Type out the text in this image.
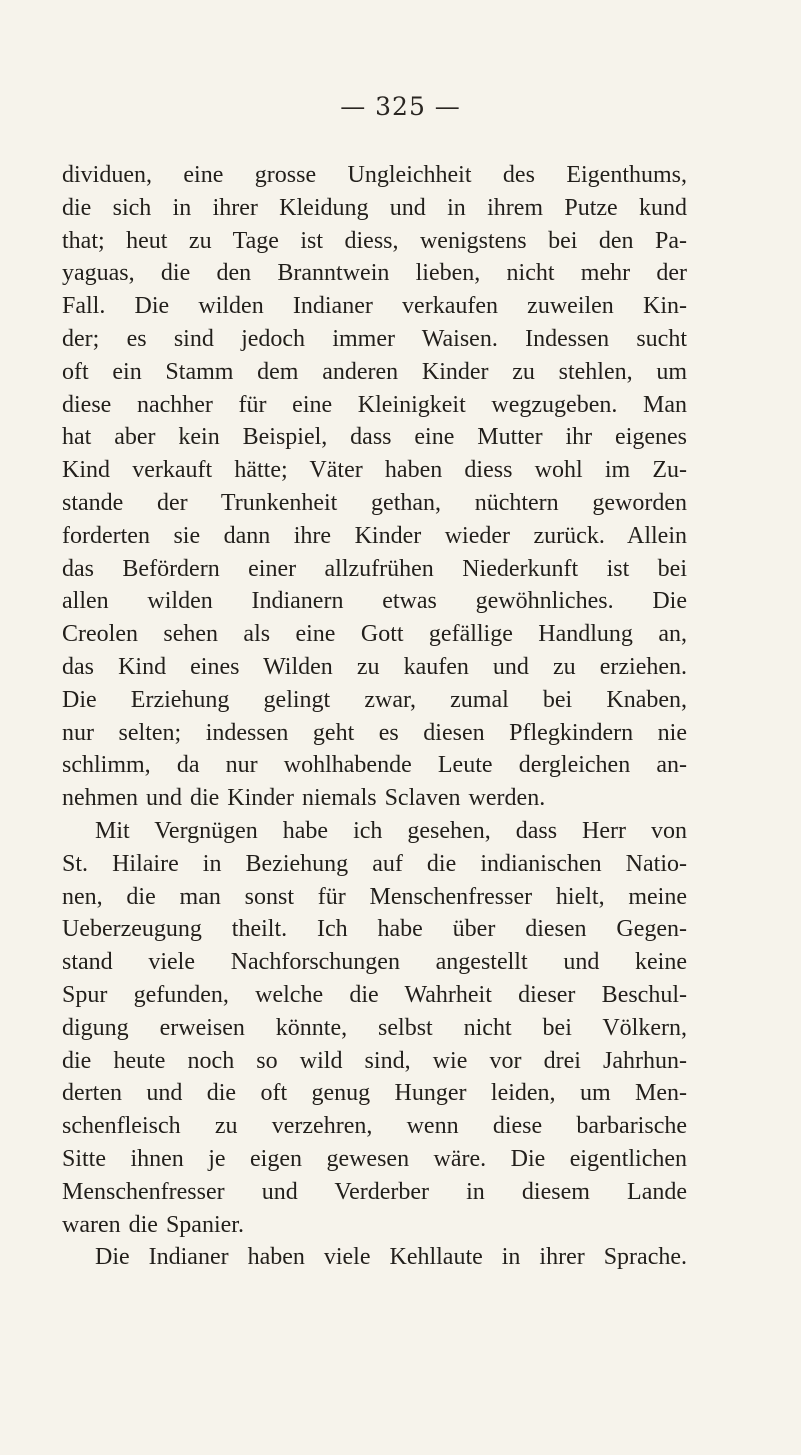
— 325 —
dividuen, eine grosse Ungleichheit des Eigenthums,
die sich in ihrer Kleidung und in ihrem Putze kund
that; heut zu Tage ist diess, wenigstens bei den Pa-
yaguas, die den Branntwein lieben, nicht mehr der
Fall. Die wilden Indianer verkaufen zuweilen Kin-
der; es sind jedoch immer Waisen. Indessen sucht
oft ein Stamm dem anderen Kinder zu stehlen, um
diese nachher für eine Kleinigkeit wegzugeben. Man
hat aber kein Beispiel, dass eine Mutter ihr eigenes
Kind verkauft hätte; Väter haben diess wohl im Zu-
stande der Trunkenheit gethan, nüchtern geworden
forderten sie dann ihre Kinder wieder zurück. Allein
das Befördern einer allzufrühen Niederkunft ist bei
allen wilden Indianern etwas gewöhnliches. Die
Creolen sehen als eine Gott gefällige Handlung an,
das Kind eines Wilden zu kaufen und zu erziehen.
Die Erziehung gelingt zwar, zumal bei Knaben,
nur selten; indessen geht es diesen Pflegkindern nie
schlimm, da nur wohlhabende Leute dergleichen an-
nehmen und die Kinder niemals Sclaven werden.
Mit Vergnügen habe ich gesehen, dass Herr von
St. Hilaire in Beziehung auf die indianischen Natio-
nen, die man sonst für Menschenfresser hielt, meine
Ueberzeugung theilt. Ich habe über diesen Gegen-
stand viele Nachforschungen angestellt und keine
Spur gefunden, welche die Wahrheit dieser Beschul-
digung erweisen könnte, selbst nicht bei Völkern,
die heute noch so wild sind, wie vor drei Jahrhun-
derten und die oft genug Hunger leiden, um Men-
schenfleisch zu verzehren, wenn diese barbarische
Sitte ihnen je eigen gewesen wäre. Die eigentlichen
Menschenfresser und Verderber in diesem Lande
waren die Spanier.
Die Indianer haben viele Kehllaute in ihrer Sprache.
